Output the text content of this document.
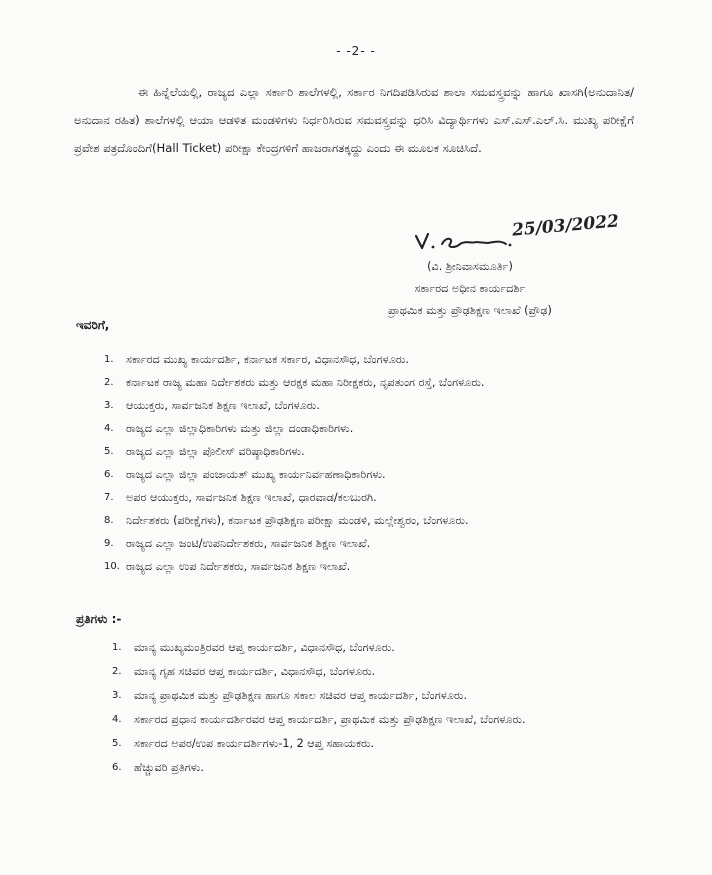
- -2- -

ಈ ಹಿನ್ನೆಲೆಯಲ್ಲಿ, ರಾಜ್ಯದ ಎಲ್ಲಾ ಸರ್ಕಾರಿ ಶಾಲೆಗಳಲ್ಲಿ, ಸರ್ಕಾರ ನಿಗದಿಪಡಿಸಿರುವ ಶಾಲಾ ಸಮವಸ್ತ್ರವನ್ನು ಹಾಗೂ ಖಾಸಗಿ(ಅನುದಾನಿತ/ಅನುದಾನ ರಹಿತ) ಶಾಲೆಗಳಲ್ಲಿ ಆಯಾ ಆಡಳಿತ ಮಂಡಳಿಗಳು ನಿರ್ಧರಿಸಿರುವ ಸಮವಸ್ತ್ರವನ್ನು ಧರಿಸಿ ವಿದ್ಯಾರ್ಥಿಗಳು ಎಸ್.ಎಸ್.ಎಲ್.ಸಿ. ಮುಖ್ಯ ಪರೀಕ್ಷೆಗೆ ಪ್ರವೇಶ ಪತ್ರದೊಂದಿಗೆ(Hall Ticket) ಪರೀಕ್ಷಾ ಕೇಂದ್ರಗಳಿಗೆ ಹಾಜರಾಗತಕ್ಕದ್ದು ಎಂದು ಈ ಮೂಲಕ ಸೂಚಿಸಿದೆ.

25/03/2022
(ವಿ. ಶ್ರೀನಿವಾಸಮೂರ್ತಿ)
ಸರ್ಕಾರದ ಅಧೀನ ಕಾರ್ಯದರ್ಶಿ
ಪ್ರಾಥಮಿಕ ಮತ್ತು ಪ್ರೌಢಶಿಕ್ಷಣ ಇಲಾಖೆ (ಪ್ರೌಢ)
ಇವರಿಗೆ,
1.	ಸರ್ಕಾರದ ಮುಖ್ಯ ಕಾರ್ಯದರ್ಶಿ, ಕರ್ನಾಟಕ ಸರ್ಕಾರ, ವಿಧಾನಸೌಧ, ಬೆಂಗಳೂರು.
2.	ಕರ್ನಾಟಕ ರಾಜ್ಯ ಮಹಾ ನಿರ್ದೇಶಕರು ಮತ್ತು ಆರಕ್ಷಕ ಮಹಾ ನಿರೀಕ್ಷಕರು, ನೃಪತುಂಗ ರಸ್ತೆ, ಬೆಂಗಳೂರು.
3.	ಆಯುಕ್ತರು, ಸಾರ್ವಜನಿಕ ಶಿಕ್ಷಣ ಇಲಾಖೆ, ಬೆಂಗಳೂರು.
4.	ರಾಜ್ಯದ ಎಲ್ಲಾ ಜಿಲ್ಲಾಧಿಕಾರಿಗಳು ಮತ್ತು ಜಿಲ್ಲಾ ದಂಡಾಧಿಕಾರಿಗಳು.
5.	ರಾಜ್ಯದ ಎಲ್ಲಾ ಜಿಲ್ಲಾ ಪೊಲೀಸ್ ವರಿಷ್ಠಾಧಿಕಾರಿಗಳು.
6.	ರಾಜ್ಯದ ಎಲ್ಲಾ ಜಿಲ್ಲಾ ಪಂಚಾಯತ್ ಮುಖ್ಯ ಕಾರ್ಯನಿರ್ವಹಣಾಧಿಕಾರಿಗಳು.
7.	ಅಪರ ಆಯುಕ್ತರು, ಸಾರ್ವಜನಿಕ ಶಿಕ್ಷಣ ಇಲಾಖೆ, ಧಾರವಾಡ/ಕಲಬುರಗಿ.
8.	ನಿರ್ದೇಶಕರು (ಪರೀಕ್ಷೆಗಳು), ಕರ್ನಾಟಕ ಪ್ರೌಢಶಿಕ್ಷಣ ಪರೀಕ್ಷಾ ಮಂಡಳಿ, ಮಲ್ಲೇಶ್ವರಂ, ಬೆಂಗಳೂರು.
9.	ರಾಜ್ಯದ ಎಲ್ಲಾ ಜಂಟಿ/ಉಪನಿರ್ದೇಶಕರು, ಸಾರ್ವಜನಿಕ ಶಿಕ್ಷಣ ಇಲಾಖೆ.
10. ರಾಜ್ಯದ ಎಲ್ಲಾ ಉಪ ನಿರ್ದೇಶಕರು, ಸಾರ್ವಜನಿಕ ಶಿಕ್ಷಣ ಇಲಾಖೆ.
ಪ್ರತಿಗಳು :-
1.	ಮಾನ್ಯ ಮುಖ್ಯಮಂತ್ರಿರವರ ಆಪ್ತ ಕಾರ್ಯದರ್ಶಿ, ವಿಧಾನಸೌಧ, ಬೆಂಗಳೂರು.
2.	ಮಾನ್ಯ ಗೃಹ ಸಚಿವರ ಆಪ್ತ ಕಾರ್ಯದರ್ಶಿ, ವಿಧಾನಸೌಧ, ಬೆಂಗಳೂರು.
3.	ಮಾನ್ಯ ಪ್ರಾಥಮಿಕ ಮತ್ತು ಪ್ರೌಢಶಿಕ್ಷಣ ಹಾಗೂ ಸಕಾಲ ಸಚಿವರ ಆಪ್ತ ಕಾರ್ಯದರ್ಶಿ, ಬೆಂಗಳೂರು.
4.	ಸರ್ಕಾರದ ಪ್ರಧಾನ ಕಾರ್ಯದರ್ಶಿರವರ ಆಪ್ತ ಕಾರ್ಯದರ್ಶಿ, ಪ್ರಾಥಮಿಕ ಮತ್ತು ಪ್ರೌಢಶಿಕ್ಷಣ ಇಲಾಖೆ, ಬೆಂಗಳೂರು.
5.	ಸರ್ಕಾರದ ಅಪರ/ಉಪ ಕಾರ್ಯದರ್ಶಿಗಳು-1, 2 ಆಪ್ತ ಸಹಾಯಕರು.
6.	ಹೆಚ್ಚುವರಿ ಪ್ರತಿಗಳು.
